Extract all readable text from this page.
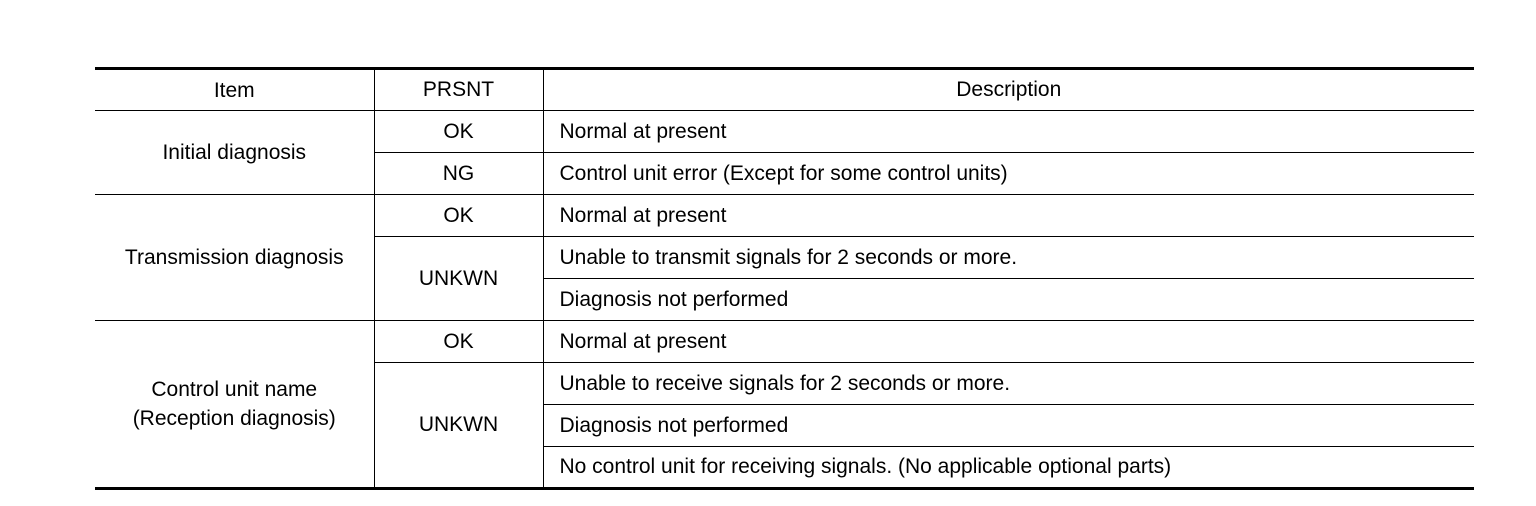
Item	PRSNT	Description

Initial diagnosis	OK	Normal at present
	NG	Control unit error (Except for some control units)

Transmission diagnosis	OK	Normal at present
	UNKWN	Unable to transmit signals for 2 seconds or more.
		Diagnosis not performed

Control unit name
(Reception diagnosis)	OK	Normal at present
	UNKWN	Unable to receive signals for 2 seconds or more.
		Diagnosis not performed
		No control unit for receiving signals. (No applicable optional parts)
